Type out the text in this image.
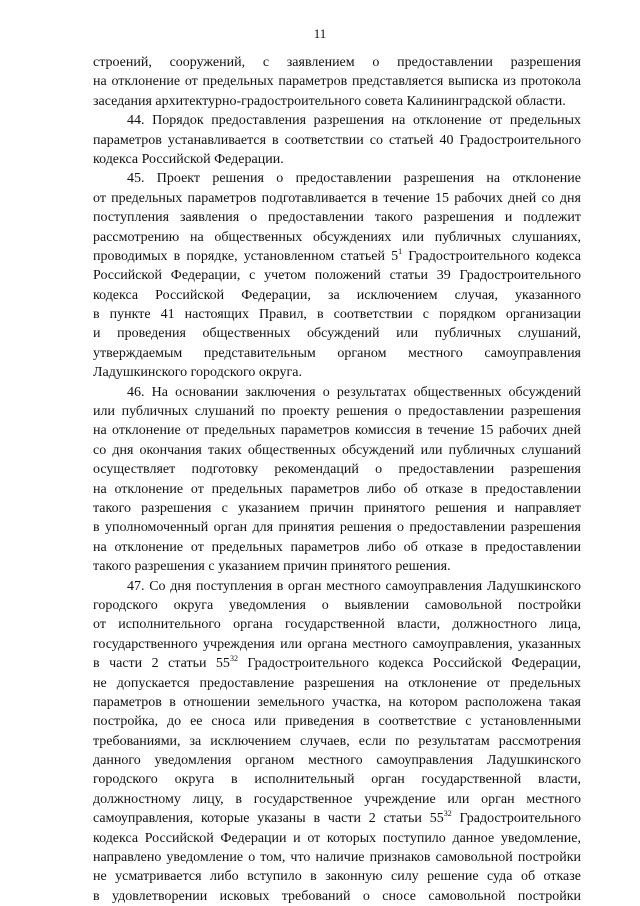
11
строений, сооружений, с заявлением о предоставлении разрешения
на отклонение от предельных параметров представляется выписка из протокола
заседания архитектурно-градостроительного совета Калининградской области.
44. Порядок предоставления разрешения на отклонение от предельных
параметров устанавливается в соответствии со статьей 40 Градостроительного
кодекса Российской Федерации.
45. Проект решения о предоставлении разрешения на отклонение
от предельных параметров подготавливается в течение 15 рабочих дней со дня
поступления заявления о предоставлении такого разрешения и подлежит
рассмотрению на общественных обсуждениях или публичных слушаниях,
проводимых в порядке, установленном статьей $5^1$ Градостроительного кодекса
Российской Федерации, с учетом положений статьи 39 Градостроительного
кодекса Российской Федерации, за исключением случая, указанного
в пункте 41 настоящих Правил, в соответствии с порядком организации
и проведения общественных обсуждений или публичных слушаний,
утверждаемым представительным органом местного самоуправления
Ладушкинского городского округа.
46. На основании заключения о результатах общественных обсуждений
или публичных слушаний по проекту решения о предоставлении разрешения
на отклонение от предельных параметров комиссия в течение 15 рабочих дней
со дня окончания таких общественных обсуждений или публичных слушаний
осуществляет подготовку рекомендаций о предоставлении разрешения
на отклонение от предельных параметров либо об отказе в предоставлении
такого разрешения с указанием причин принятого решения и направляет
в уполномоченный орган для принятия решения о предоставлении разрешения
на отклонение от предельных параметров либо об отказе в предоставлении
такого разрешения с указанием причин принятого решения.
47. Со дня поступления в орган местного самоуправления Ладушкинского
городского округа уведомления о выявлении самовольной постройки
от исполнительного органа государственной власти, должностного лица,
государственного учреждения или органа местного самоуправления, указанных
в части 2 статьи $55^{32}$ Градостроительного кодекса Российской Федерации,
не допускается предоставление разрешения на отклонение от предельных
параметров в отношении земельного участка, на котором расположена такая
постройка, до ее сноса или приведения в соответствие с установленными
требованиями, за исключением случаев, если по результатам рассмотрения
данного уведомления органом местного самоуправления Ладушкинского
городского округа в исполнительный орган государственной власти,
должностному лицу, в государственное учреждение или орган местного
самоуправления, которые указаны в части 2 статьи $55^{32}$ Градостроительного
кодекса Российской Федерации и от которых поступило данное уведомление,
направлено уведомление о том, что наличие признаков самовольной постройки
не усматривается либо вступило в законную силу решение суда об отказе
в удовлетворении исковых требований о сносе самовольной постройки
